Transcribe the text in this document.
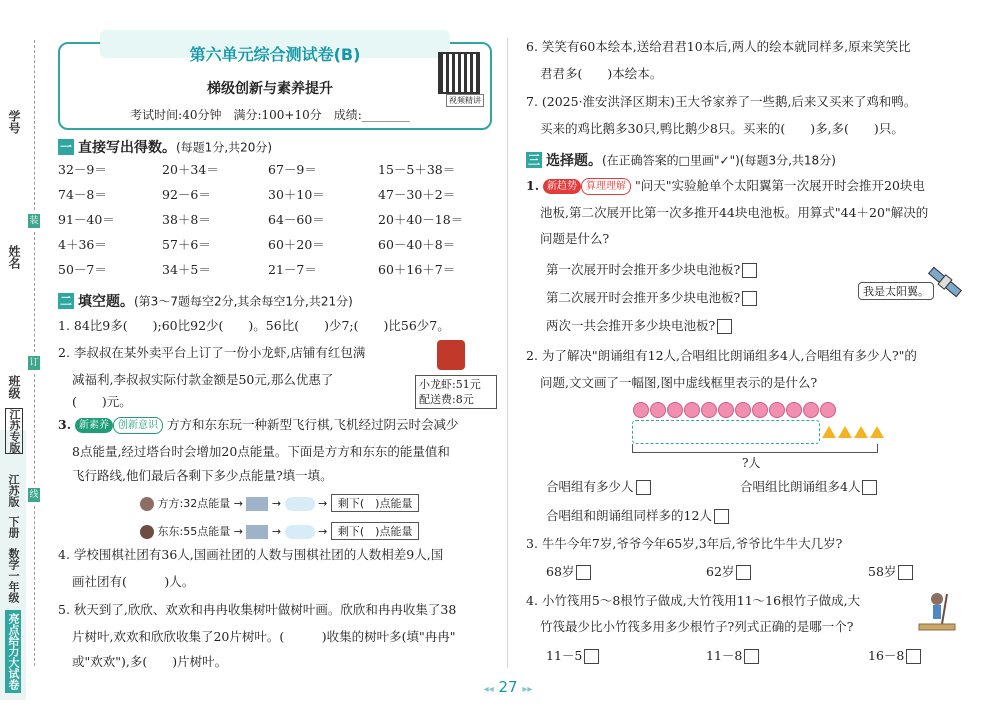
亮点给力大试卷
数学一年级
下册
江苏版
江苏专版
学号
姓名
班级
装
订
线
第六单元综合测试卷(B)
梯级创新与素养提升
考试时间:40分钟　满分:100+10分　成绩:________
视频精讲
一 直接写出得数。(每题1分,共20分)
32－9＝	20＋34＝	67－9＝	15－5＋38＝
74－8＝	92－6＝	30＋10＝	47－30＋2＝
91－40＝	38＋8＝	64－60＝	20＋40－18＝
4＋36＝	57＋6＝	60＋20＝	60－40＋8＝
50－7＝	34＋5＝	21－7＝	60＋16＋7＝
二 填空题。(第3～7题每空2分,其余每空1分,共21分)
1. 84比9多(　　);60比92少(　　)。56比(　　)少7;(　　)比56少7。
2. 李叔叔在某外卖平台上订了一份小龙虾,店铺有红包满
减福利,李叔叔实际付款金额是50元,那么优惠了
(　　)元。
小龙虾:51元
配送费:8元
3. 新素养 创新意识 方方和东东玩一种新型飞行棋,飞机经过阴云时会减少
8点能量,经过塔台时会增加20点能量。下面是方方和东东的能量值和
飞行路线,他们最后各剩下多少点能量?填一填。
方方:32点能量 →	→	→ 剩下(　)点能量
东东:55点能量 →	→	→ 剩下(　)点能量
4. 学校围棋社团有36人,国画社团的人数与围棋社团的人数相差9人,国
画社团有(　　　)人。
5. 秋天到了,欣欣、欢欢和冉冉收集树叶做树叶画。欣欣和冉冉收集了38
片树叶,欢欢和欣欣收集了20片树叶。(　　　)收集的树叶多(填"冉冉"
或"欢欢"),多(　　)片树叶。
6. 笑笑有60本绘本,送给君君10本后,两人的绘本就同样多,原来笑笑比
君君多(　　)本绘本。
7. (2025·淮安洪泽区期末)王大爷家养了一些鹅,后来又买来了鸡和鸭。
买来的鸡比鹅多30只,鸭比鹅少8只。买来的(　　)多,多(　　)只。
三 选择题。(在正确答案的□里画"✓")(每题3分,共18分)
1. 新趋势 算理理解 "问天"实验舱单个太阳翼第一次展开时会推开20块电
池板,第二次展开比第一次多推开44块电池板。用算式"44＋20"解决的
问题是什么?
第一次展开时会推开多少块电池板?
第二次展开时会推开多少块电池板?
两次一共会推开多少块电池板?
我是太阳翼。
2. 为了解决"朗诵组有12人,合唱组比朗诵组多4人,合唱组有多少人?"的
问题,文文画了一幅图,图中虚线框里表示的是什么?
?人
合唱组有多少人	合唱组比朗诵组多4人
合唱组和朗诵组同样多的12人
3. 牛牛今年7岁,爷爷今年65岁,3年后,爷爷比牛牛大几岁?
68岁	62岁	58岁
4. 小竹筏用5～8根竹子做成,大竹筏用11～16根竹子做成,大
竹筏最少比小竹筏多用多少根竹子?列式正确的是哪一个?
11－5	11－8	16－8
◂◂ 27 ▸▸
